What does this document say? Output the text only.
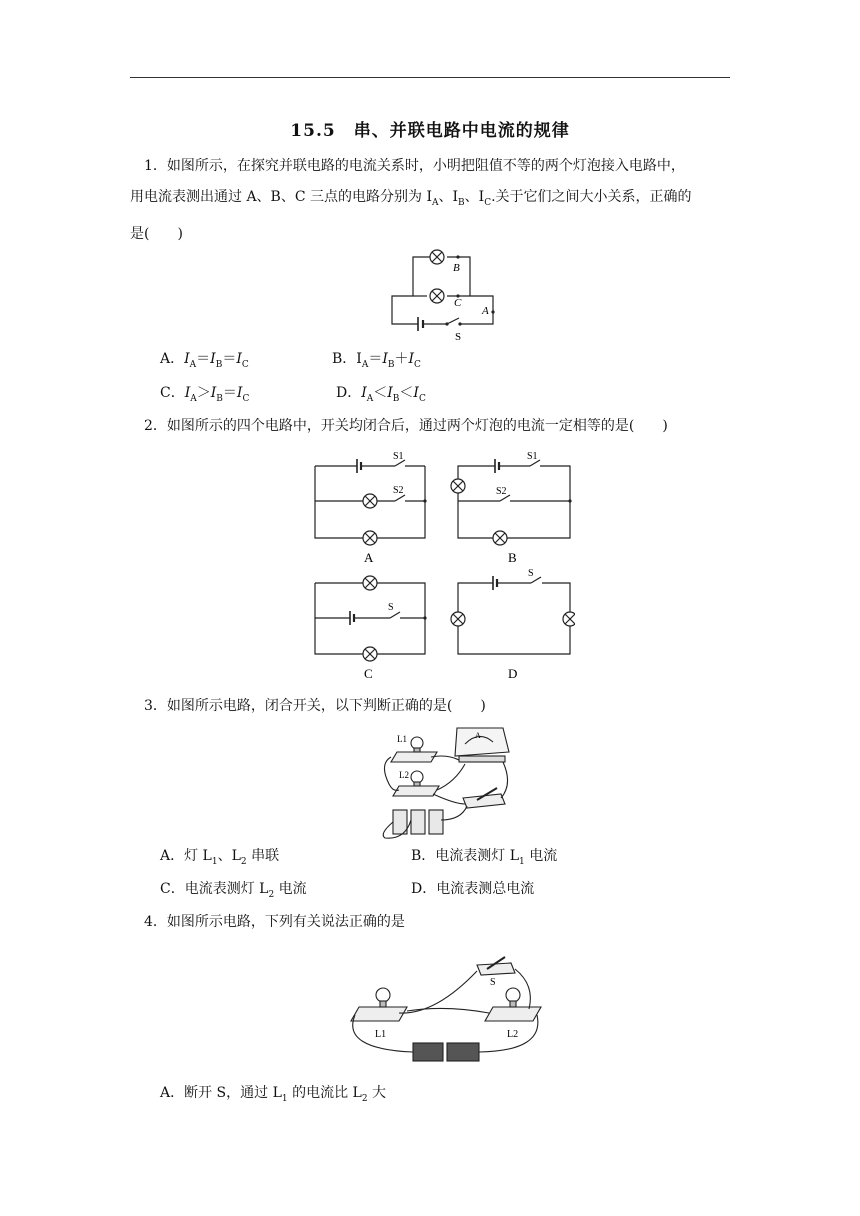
15.5　串、并联电路中电流的规律
1．如图所示，在探究并联电路的电流关系时，小明把阻值不等的两个灯泡接入电路中，
用电流表测出通过 A、B、C 三点的电路分别为 $I_A$、$I_B$、$I_C$.关于它们之间大小关系，正确的
是(　　)
B
C
A
S
A．$I_A=I_B=I_C$	B．$I_A=I_B+I_C$
C．$I_A>I_B=I_C$	D．$I_A<I_B<I_C$
2．如图所示的四个电路中，开关均闭合后，通过两个灯泡的电流一定相等的是(　　)
S1
S2
S1
S2
S
S
A	B
C	D
3．如图所示电路，闭合开关，以下判断正确的是(　　)
L1
L2
A
A．灯 $L_1$、$L_2$ 串联	B．电流表测灯 $L_1$ 电流
C．电流表测灯 $L_2$ 电流	D．电流表测总电流
4．如图所示电路，下列有关说法正确的是
S
L1	L2
A．断开 S，通过 $L_1$ 的电流比 $L_2$ 大
